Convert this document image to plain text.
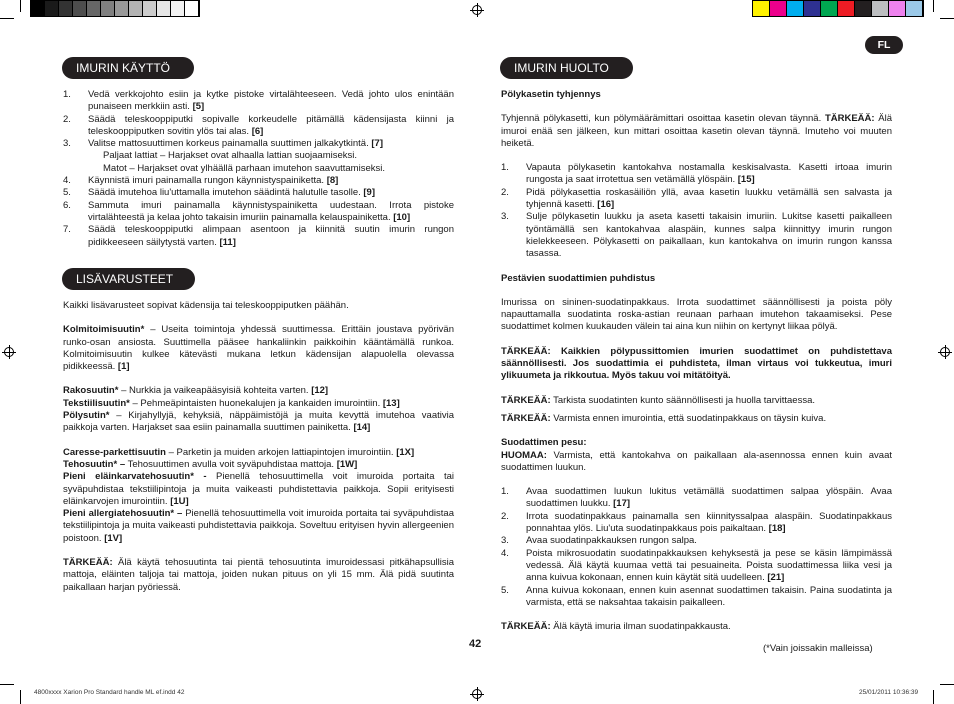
FL
IMURIN KÄYTTÖ
1.	Vedä verkkojohto esiin ja kytke pistoke virtalähteeseen. Vedä johto ulos enintään punaiseen merkkiin asti. [5]
2.	Säädä teleskooppiputki sopivalle korkeudelle pitämällä kädensijasta kiinni ja teleskooppiputken sovitin ylös tai alas. [6]
3.	Valitse mattosuuttimen korkeus painamalla suuttimen jalkakytkintä. [7]

Paljaat lattiat – Harjakset ovat alhaalla lattian suojaamiseksi.

Matot – Harjakset ovat ylhäällä parhaan imutehon saavuttamiseksi.

4.	Käynnistä imuri painamalla rungon käynnistyspainiketta. [8]
5.	Säädä imutehoa liu'uttamalla imutehon säädintä halutulle tasolle. [9]
6.	Sammuta imuri painamalla käynnistyspainiketta uudestaan. Irrota pistoke virtalähteestä ja kelaa johto takaisin imuriin painamalla kelauspainiketta. [10]
7.	Säädä teleskooppiputki alimpaan asentoon ja kiinnitä suutin imurin rungon pidikkeeseen säilytystä varten. [11]
LISÄVARUSTEET

Kaikki lisävarusteet sopivat kädensija tai teleskooppiputken päähän.

Kolmitoimisuutin* – Useita toimintoja yhdessä suuttimessa. Erittäin joustava pyörivän runko-osan ansiosta. Suuttimella pääsee hankaliinkin paikkoihin kääntämällä runkoa. Kolmitoimisuutin kulkee kätevästi mukana letkun kädensijan alapuolella olevassa pidikkeessä. [1]

Rakosuutin* – Nurkkia ja vaikeapääsyisiä kohteita varten. [12]

Tekstiilisuutin* – Pehmeäpintaisten huonekalujen ja kankaiden imurointiin. [13]

Pölysutin* – Kirjahyllyjä, kehyksiä, näppäimistöjä ja muita kevyttä imutehoa vaativia paikkoja varten. Harjakset saa esiin painamalla suuttimen painiketta. [14]

Caresse-parkettisuutin – Parketin ja muiden arkojen lattiapintojen imurointiin. [1X]

Tehosuutin* – Tehosuuttimen avulla voit syväpuhdistaa mattoja. [1W]

Pieni eläinkarvatehosuutin* - Pienellä tehosuuttimella voit imuroida portaita tai syväpuhdistaa tekstiilipintoja ja muita vaikeasti puhdistettavia paikkoja. Sopii erityisesti eläinkarvojen imurointiin. [1U]

Pieni allergiatehosuutin* – Pienellä tehosuuttimella voit imuroida portaita tai syväpuhdistaa tekstiilipintoja ja muita vaikeasti puhdistettavia paikkoja. Soveltuu erityisen hyvin allergeenien poistoon. [1V]

TÄRKEÄÄ: Älä käytä tehosuutinta tai pientä tehosuutinta imuroidessasi pitkähapsullisia mattoja, eläinten taljoja tai mattoja, joiden nukan pituus on yli 15 mm. Älä pidä suutinta paikallaan harjan pyöriessä.

IMURIN HUOLTO

Pölykasetin tyhjennys

Tyhjennä pölykasetti, kun pölymäärämittari osoittaa kasetin olevan täynnä. TÄRKEÄÄ: Älä imuroi enää sen jälkeen, kun mittari osoittaa kasetin olevan täynnä. Imuteho voi muuten heiketä.

1.	Vapauta pölykasetin kantokahva nostamalla keskisalvasta. Kasetti irtoaa imurin rungosta ja saat irrotettua sen vetämällä ylöspäin. [15]
2.	Pidä pölykasettia roskasäiliön yllä, avaa kasetin luukku vetämällä sen salvasta ja tyhjennä kasetti. [16]
3.	Sulje pölykasetin luukku ja aseta kasetti takaisin imuriin. Lukitse kasetti paikalleen työntämällä sen kantokahvaa alaspäin, kunnes salpa kiinnittyy imurin rungon kielekkeeseen. Pölykasetti on paikallaan, kun kantokahva on imurin rungon kanssa tasassa.

Pestävien suodattimien puhdistus

Imurissa on sininen-suodatinpakkaus. Irrota suodattimet säännöllisesti ja poista pöly napauttamalla suodatinta roska-astian reunaan parhaan imutehon takaamiseksi. Pese suodattimet kolmen kuukauden välein tai aina kun niihin on kertynyt liikaa pölyä.

TÄRKEÄÄ: Kaikkien pölypussittomien imurien suodattimet on puhdistettava säännöllisesti. Jos suodattimia ei puhdisteta, ilman virtaus voi tukkeutua, imuri ylikuumeta ja rikkoutua. Myös takuu voi mitätöityä.

TÄRKEÄÄ: Tarkista suodatinten kunto säännöllisesti ja huolla tarvittaessa.

TÄRKEÄÄ: Varmista ennen imurointia, että suodatinpakkaus on täysin kuiva.

Suodattimen pesu:

HUOMAA: Varmista, että kantokahva on paikallaan ala-asennossa ennen kuin avaat suodattimen luukun.

1.	Avaa suodattimen luukun lukitus vetämällä suodattimen salpaa ylöspäin. Avaa suodattimen luukku. [17]
2.	Irrota suodatinpakkaus painamalla sen kiinnityssalpaa alaspäin. Suodatinpakkaus ponnahtaa ylös. Liu'uta suodatinpakkaus pois paikaltaan. [18]
3.	Avaa suodatinpakkauksen rungon salpa.
4.	Poista mikrosuodatin suodatinpakkauksen kehyksestä ja pese se käsin lämpimässä vedessä. Älä käytä kuumaa vettä tai pesuaineita. Poista suodattimessa liika vesi ja anna kuivua kokonaan, ennen kuin käytät sitä uudelleen. [21]
5.	Anna kuivua kokonaan, ennen kuin asennat suodattimen takaisin. Paina suodatinta ja varmista, että se naksahtaa takaisin paikalleen.

TÄRKEÄÄ: Älä käytä imuria ilman suodatinpakkausta.

42	(*Vain joissakin malleissa)
4800xxxx Xarion Pro Standard handle ML ef.indd 42	25/01/2011 10:36:39
